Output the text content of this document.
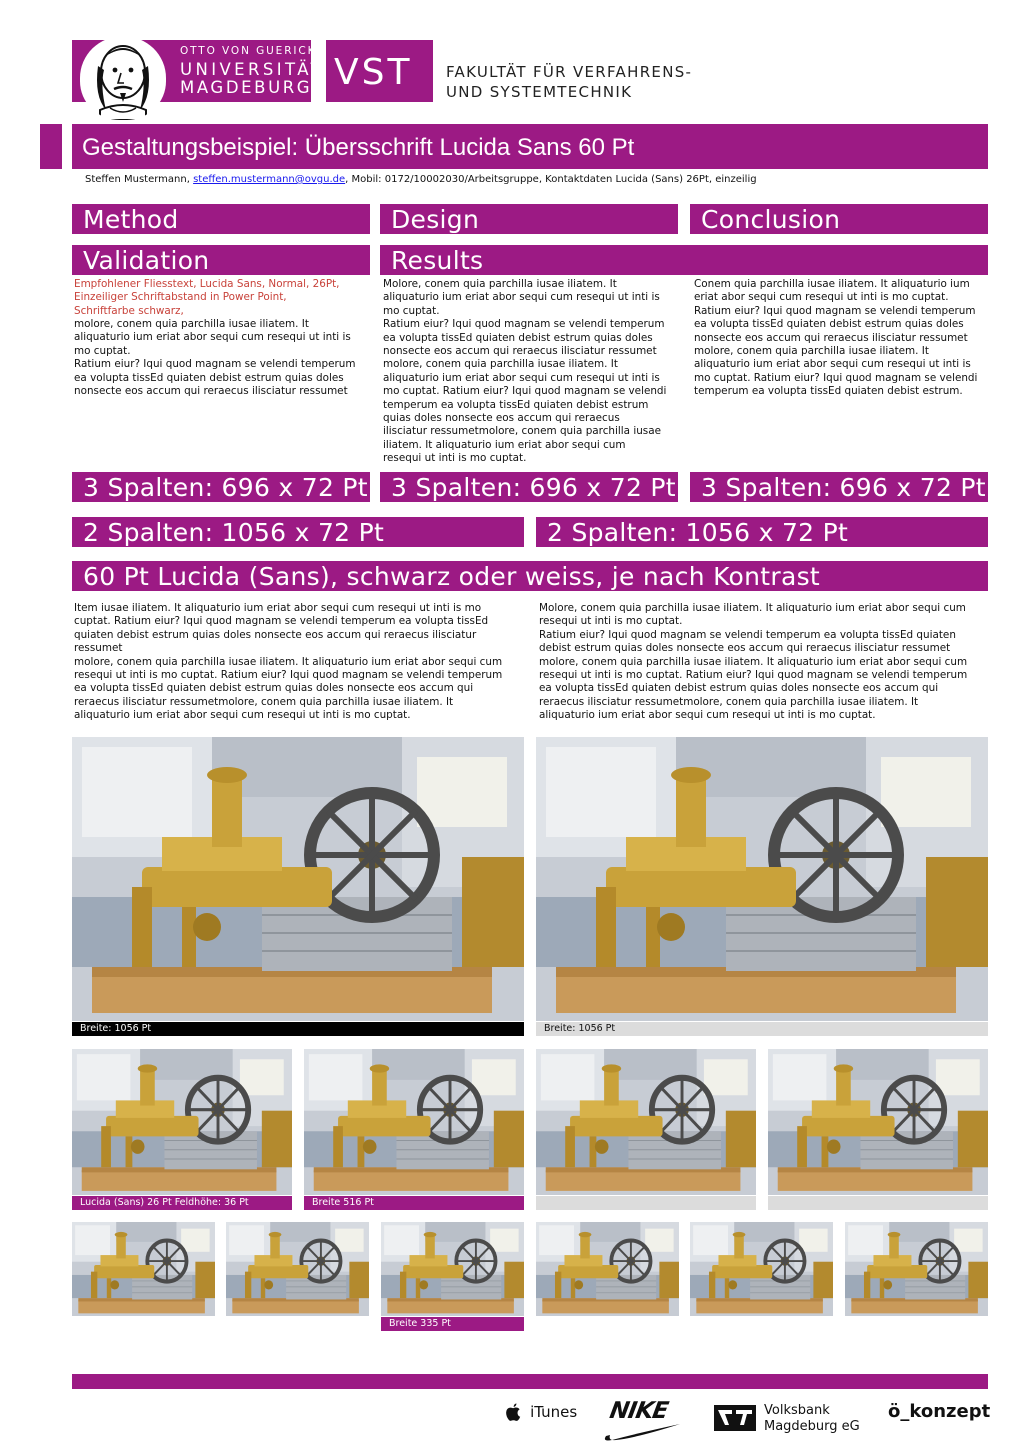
OTTO VON GUERICKE
UNIVERSITÄT
MAGDEBURG VST FAKULTÄT FÜR VERFAHRENS-
UND SYSTEMTECHNIK
Gestaltungsbeispiel: Übersschrift Lucida Sans 60 Pt
Steffen Mustermann, steffen.mustermann@ovgu.de, Mobil: 0172/10002030/Arbeitsgruppe, Kontaktdaten Lucida (Sans) 26Pt, einzeilig
Method	Design	Conclusion
Validation	Results
Empfohlener Fliesstext, Lucida Sans, Normal, 26Pt,
Einzeiliger Schriftabstand in Power Point,
Schriftfarbe schwarz,
molore, conem quia parchilla iusae iliatem. It
aliquaturio ium eriat abor sequi cum resequi ut inti is
mo cuptat.
Ratium eiur? Iqui quod magnam se velendi temperum
ea volupta tissEd quiaten debist estrum quias doles
nonsecte eos accum qui reraecus ilisciatur ressumet
Molore, conem quia parchilla iusae iliatem. It
aliquaturio ium eriat abor sequi cum resequi ut inti is
mo cuptat.
Ratium eiur? Iqui quod magnam se velendi temperum
ea volupta tissEd quiaten debist estrum quias doles
nonsecte eos accum qui reraecus ilisciatur ressumet
molore, conem quia parchilla iusae iliatem. It
aliquaturio ium eriat abor sequi cum resequi ut inti is
mo cuptat. Ratium eiur? Iqui quod magnam se velendi
temperum ea volupta tissEd quiaten debist estrum
quias doles nonsecte eos accum qui reraecus
ilisciatur ressumetmolore, conem quia parchilla iusae
iliatem. It aliquaturio ium eriat abor sequi cum
resequi ut inti is mo cuptat.
Conem quia parchilla iusae iliatem. It aliquaturio ium
eriat abor sequi cum resequi ut inti is mo cuptat.
Ratium eiur? Iqui quod magnam se velendi temperum
ea volupta tissEd quiaten debist estrum quias doles
nonsecte eos accum qui reraecus ilisciatur ressumet
molore, conem quia parchilla iusae iliatem. It
aliquaturio ium eriat abor sequi cum resequi ut inti is
mo cuptat. Ratium eiur? Iqui quod magnam se velendi
temperum ea volupta tissEd quiaten debist estrum.
3 Spalten: 696 x 72 Pt 3 Spalten: 696 x 72 Pt	3 Spalten: 696 x 72 Pt
2 Spalten: 1056 x 72 Pt	2 Spalten: 1056 x 72 Pt
60 Pt Lucida (Sans), schwarz oder weiss, je nach Kontrast
Item iusae iliatem. It aliquaturio ium eriat abor sequi cum resequi ut inti is mo
cuptat. Ratium eiur? Iqui quod magnam se velendi temperum ea volupta tissEd
quiaten debist estrum quias doles nonsecte eos accum qui reraecus ilisciatur
ressumet
molore, conem quia parchilla iusae iliatem. It aliquaturio ium eriat abor sequi cum
resequi ut inti is mo cuptat. Ratium eiur? Iqui quod magnam se velendi temperum
ea volupta tissEd quiaten debist estrum quias doles nonsecte eos accum qui
reraecus ilisciatur ressumetmolore, conem quia parchilla iusae iliatem. It
aliquaturio ium eriat abor sequi cum resequi ut inti is mo cuptat.
Molore, conem quia parchilla iusae iliatem. It aliquaturio ium eriat abor sequi cum
resequi ut inti is mo cuptat.
Ratium eiur? Iqui quod magnam se velendi temperum ea volupta tissEd quiaten
debist estrum quias doles nonsecte eos accum qui reraecus ilisciatur ressumet
molore, conem quia parchilla iusae iliatem. It aliquaturio ium eriat abor sequi cum
resequi ut inti is mo cuptat. Ratium eiur? Iqui quod magnam se velendi temperum
ea volupta tissEd quiaten debist estrum quias doles nonsecte eos accum qui
reraecus ilisciatur ressumetmolore, conem quia parchilla iusae iliatem. It
aliquaturio ium eriat abor sequi cum resequi ut inti is mo cuptat.
Breite: 1056 Pt	Breite: 1056 Pt
Lucida (Sans) 26 Pt Feldhöhe: 36 Pt	Breite 516 Pt
Breite 335 Pt
iTunes NIKE	Volksbank
Magdeburg eG
ö_konzept
